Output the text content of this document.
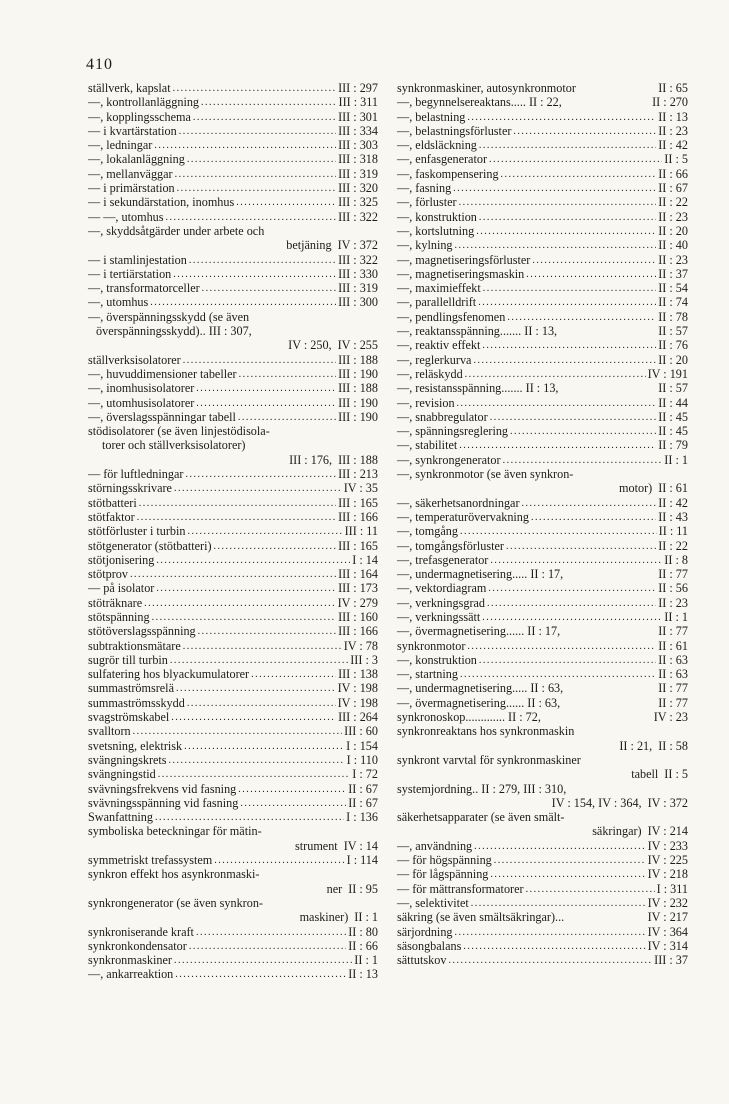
410
ställverk, kapslat .....	III : 297
—, kontrollanläggning .....	III : 311
—, kopplingsschema .....	III : 301
— i kvartärstation .....	III : 334
—, ledningar .....	III : 303
—, lokalanläggning .....	III : 318
—, mellanväggar .....	III : 319
— i primärstation .....	III : 320
— i sekundärstation, inomhus .....	III : 325
— —, utomhus .....	III : 322
—, skyddsåtgärder under arbete och
betjäning IV : 372
— i stamlinjestation .....	III : 322
— i tertiärstation .....	III : 330
—, transformatorceller .....	III : 319
—, utomhus .....	III : 300
—, överspänningsskydd (se även
överspänningsskydd).. III : 307,
IV : 250, IV : 255
ställverksisolatorer .....	III : 188
—, huvuddimensioner tabeller .....	III : 190
—, inomhusisolatorer .....	III : 188
—, utomhusisolatorer .....	III : 190
—, överslagsspänningar tabell .....	III : 190
stödisolatorer (se även linjestödisola-
torer och ställverksisolatorer)
III : 176, III : 188
— för luftledningar .....	III : 213
störningsskrivare .....	IV : 35
stötbatteri .....	III : 165
stötfaktor .....	III : 166
stötförluster i turbin .....	III : 11
stötgenerator (stötbatteri) .....	III : 165
stötjonisering .....	I : 14
stötprov .....	III : 164
— på isolator .....	III : 173
stöträknare .....	IV : 279
stötspänning .....	III : 160
stötöverslagsspänning .....	III : 166
subtraktionsmätare .....	IV : 78
sugrör till turbin .....	III : 3
sulfatering hos blyackumulatorer .....	III : 138
summaströmsrelä .....	IV : 198
summaströmsskydd .....	IV : 198
svagströmskabel .....	III : 264
svalltorn .....	III : 60
svetsning, elektrisk .....	I : 154
svängningskrets .....	I : 110
svängningstid .....	I : 72
svävningsfrekvens vid fasning .....	II : 67
svävningsspänning vid fasning .....	II : 67
Swanfattning .....	I : 136
symboliska beteckningar för mätin-
strument IV : 14
symmetriskt trefassystem .....	I : 114
synkron effekt hos asynkronmaski-
ner II : 95
synkrongenerator (se även synkron-
maskiner) II : 1
synkroniserande kraft .....	II : 80
synkronkondensator .....	II : 66
synkronmaskiner .....	II : 1
—, ankarreaktion .....	II : 13
synkronmaskiner, autosynkronmotor	II : 65
—, begynnelsereaktans..... II : 22,	II : 270
—, belastning .....	II : 13
—, belastningsförluster .....	II : 23
—, eldsläckning .....	II : 42
—, enfasgenerator .....	II : 5
—, faskompensering .....	II : 66
—, fasning .....	II : 67
—, förluster .....	II : 22
—, konstruktion .....	II : 23
—, kortslutning .....	II : 20
—, kylning .....	II : 40
—, magnetiseringsförluster .....	II : 23
—, magnetiseringsmaskin .....	II : 37
—, maximieffekt .....	II : 54
—, parallelldrift .....	II : 74
—, pendlingsfenomen .....	II : 78
—, reaktansspänning....... II : 13,	II : 57
—, reaktiv effekt .....	II : 76
—, reglerkurva .....	II : 20
—, reläskydd .....	IV : 191
—, resistansspänning....... II : 13,	II : 57
—, revision .....	II : 44
—, snabbregulator .....	II : 45
—, spänningsreglering .....	II : 45
—, stabilitet .....	II : 79
—, synkrongenerator .....	II : 1
—, synkronmotor (se även synkron-
motor) II : 61
—, säkerhetsanordningar .....	II : 42
—, temperaturövervakning .....	II : 43
—, tomgång .....	II : 11
—, tomgångsförluster .....	II : 22
—, trefasgenerator .....	II : 8
—, undermagnetisering..... II : 17,	II : 77
—, vektordiagram .....	II : 56
—, verkningsgrad .....	II : 23
—, verkningssätt .....	II : 1
—, övermagnetisering...... II : 17,	II : 77
synkronmotor .....	II : 61
—, konstruktion .....	II : 63
—, startning .....	II : 63
—, undermagnetisering..... II : 63,	II : 77
—, övermagnetisering...... II : 63,	II : 77
synkronoskop............. II : 72,	IV : 23
synkronreaktans hos synkronmaskin
II : 21, II : 58
synkront varvtal för synkronmaskiner
tabell II : 5
systemjordning.. II : 279, III : 310,
IV : 154, IV : 364, IV : 372
säkerhetsapparater (se även smält-
säkringar) IV : 214
—, användning .....	IV : 233
— för högspänning .....	IV : 225
— för lågspänning .....	IV : 218
— för mättransformatorer .....	I : 311
—, selektivitet .....	IV : 232
säkring (se även smältsäkringar)...	IV : 217
särjordning .....	IV : 364
säsongbalans .....	IV : 314
sättutskov .....	III : 37
